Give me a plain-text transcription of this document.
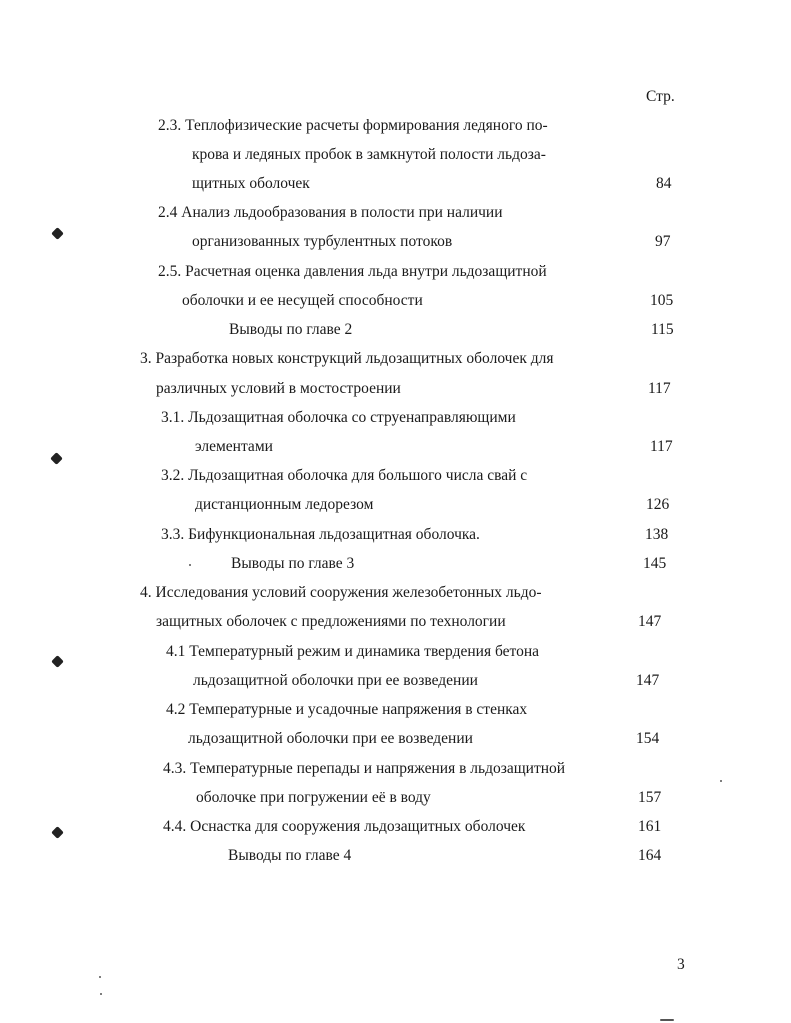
Стр.
2.3. Теплофизические расчеты формирования ледяного по-
крова и ледяных пробок в замкнутой полости льдоза-
щитных оболочек	84
2.4 Анализ льдообразования в полости при наличии
организованных турбулентных потоков	97
2.5. Расчетная оценка давления льда внутри льдозащитной
оболочки и ее несущей способности	105
Выводы по главе 2	115
3. Разработка новых конструкций льдозащитных оболочек для
различных условий в мостостроении	117
3.1. Льдозащитная оболочка со струенаправляющими
элементами	117
3.2. Льдозащитная оболочка для большого числа свай с
дистанционным ледорезом	126
3.3. Бифункциональная льдозащитная оболочка.	138
Выводы по главе 3	145
4. Исследования условий сооружения железобетонных льдо-
защитных оболочек с предложениями по технологии	147
4.1 Температурный режим и динамика твердения бетона
льдозащитной оболочки при ее возведении	147
4.2 Температурные и усадочные напряжения в стенках
льдозащитной оболочки при ее возведении	154
4.3. Температурные перепады и напряжения в льдозащитной
оболочке при погружении её в воду	157
4.4. Оснастка для сооружения льдозащитных оболочек	161
Выводы по главе 4	164
3
